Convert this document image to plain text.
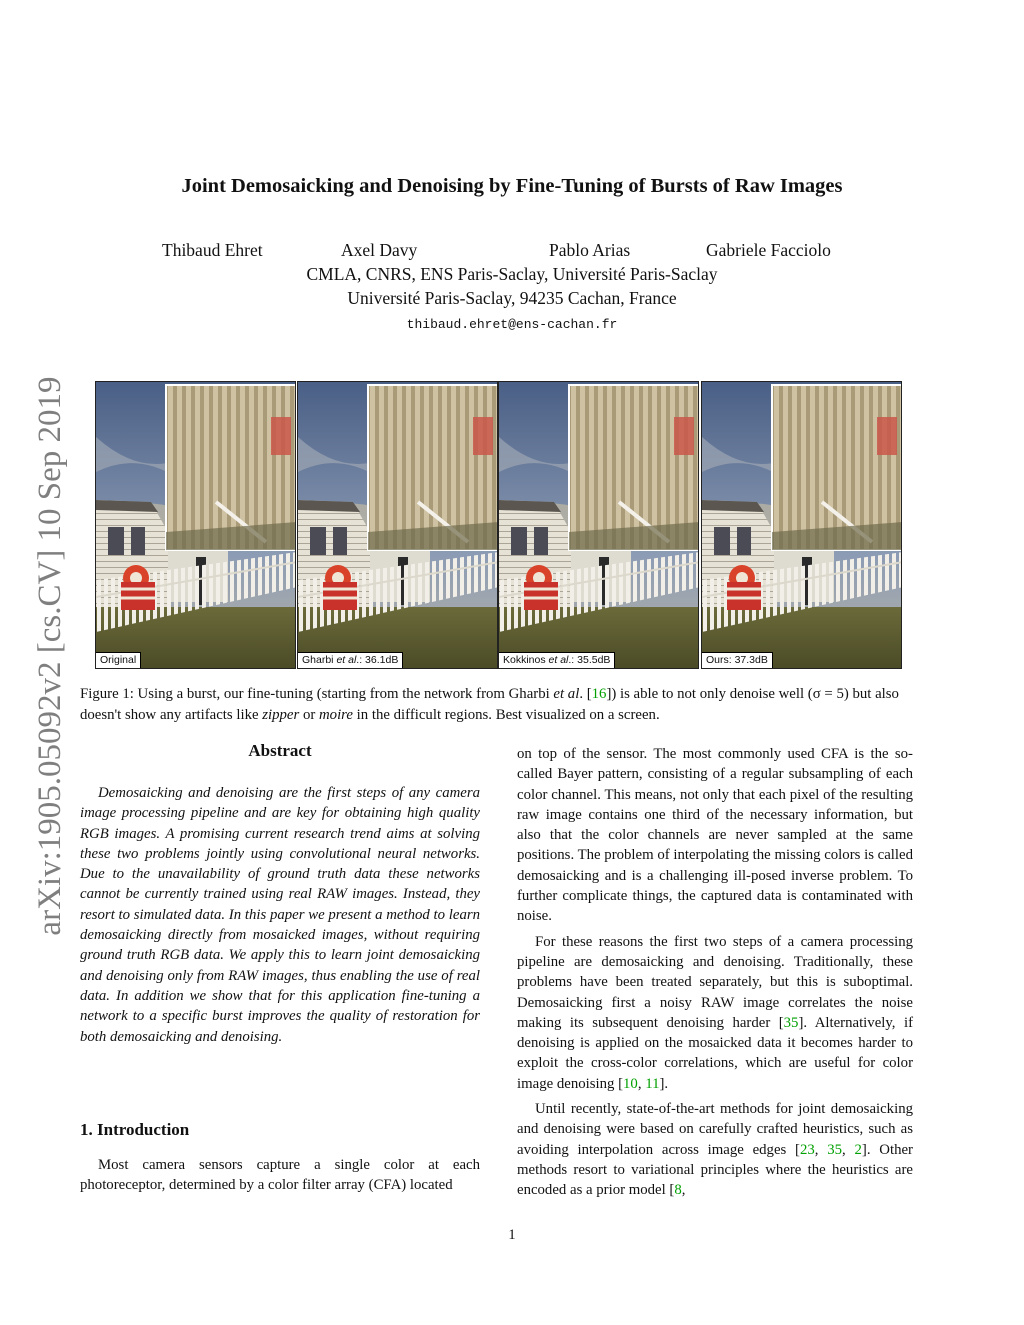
arXiv:1905.05092v2 [cs.CV] 10 Sep 2019
Joint Demosaicking and Denoising by Fine-Tuning of Bursts of Raw Images
Thibaud Ehret	Axel Davy	Pablo Arias	Gabriele Facciolo
CMLA, CNRS, ENS Paris-Saclay, Université Paris-Saclay
Université Paris-Saclay, 94235 Cachan, France
thibaud.ehret@ens-cachan.fr
Original	Gharbi et al.: 36.1dB	Kokkinos et al.: 35.5dB	Ours: 37.3dB
Figure 1: Using a burst, our fine-tuning (starting from the network from Gharbi et al. [16]) is able to not only denoise well (σ = 5) but also doesn't show any artifacts like zipper or moire in the difficult regions. Best visualized on a screen.
Abstract
Demosaicking and denoising are the first steps of any camera image processing pipeline and are key for obtaining high quality RGB images. A promising current research trend aims at solving these two problems jointly using convolutional neural networks. Due to the unavailability of ground truth data these networks cannot be currently trained using real RAW images. Instead, they resort to simulated data. In this paper we present a method to learn demosaicking directly from mosaicked images, without requiring ground truth RGB data. We apply this to learn joint demosaicking and denoising only from RAW images, thus enabling the use of real data. In addition we show that for this application fine-tuning a network to a specific burst improves the quality of restoration for both demosaicking and denoising.
1. Introduction
Most camera sensors capture a single color at each photoreceptor, determined by a color filter array (CFA) located

on top of the sensor. The most commonly used CFA is the so-called Bayer pattern, consisting of a regular subsampling of each color channel. This means, not only that each pixel of the resulting raw image contains one third of the necessary information, but also that the color channels are never sampled at the same positions. The problem of interpolating the missing colors is called demosaicking and is a challenging ill-posed inverse problem. To further complicate things, the captured data is contaminated with noise.

For these reasons the first two steps of a camera processing pipeline are demosaicking and denoising. Traditionally, these problems have been treated separately, but this is suboptimal. Demosaicking first a noisy RAW image correlates the noise making its subsequent denoising harder [35]. Alternatively, if denoising is applied on the mosaicked data it becomes harder to exploit the cross-color correlations, which are useful for color image denoising [10, 11].

Until recently, state-of-the-art methods for joint demosaicking and denoising were based on carefully crafted heuristics, such as avoiding interpolation across image edges [23, 35, 2]. Other methods resort to variational principles where the heuristics are encoded as a prior model [8,

1
